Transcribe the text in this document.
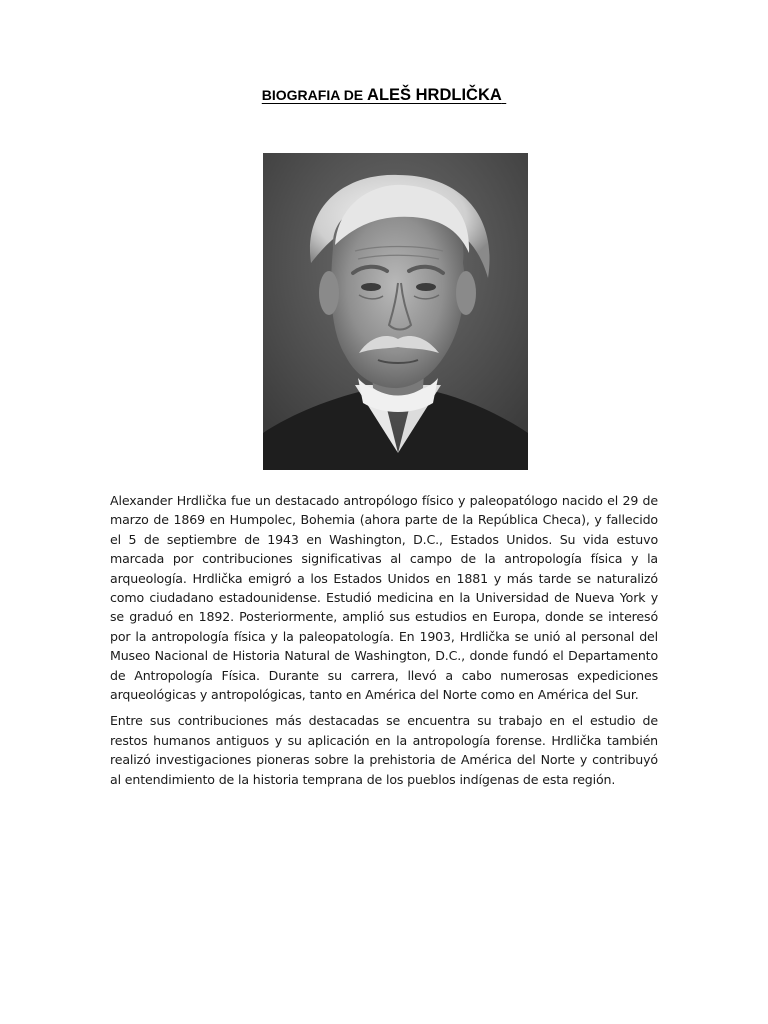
BIOGRAFIA DE ALEŠ HRDLIČKA

Alexander Hrdlička fue un destacado antropólogo físico y paleopatólogo nacido el 29 de marzo de 1869 en Humpolec, Bohemia (ahora parte de la República Checa), y fallecido el 5 de septiembre de 1943 en Washington, D.C., Estados Unidos. Su vida estuvo marcada por contribuciones significativas al campo de la antropología física y la arqueología. Hrdlička emigró a los Estados Unidos en 1881 y más tarde se naturalizó como ciudadano estadounidense. Estudió medicina en la Universidad de Nueva York y se graduó en 1892. Posteriormente, amplió sus estudios en Europa, donde se interesó por la antropología física y la paleopatología. En 1903, Hrdlička se unió al personal del Museo Nacional de Historia Natural de Washington, D.C., donde fundó el Departamento de Antropología Física. Durante su carrera, llevó a cabo numerosas expediciones arqueológicas y antropológicas, tanto en América del Norte como en América del Sur.

Entre sus contribuciones más destacadas se encuentra su trabajo en el estudio de restos humanos antiguos y su aplicación en la antropología forense. Hrdlička también realizó investigaciones pioneras sobre la prehistoria de América del Norte y contribuyó al entendimiento de la historia temprana de los pueblos indígenas de esta región.
